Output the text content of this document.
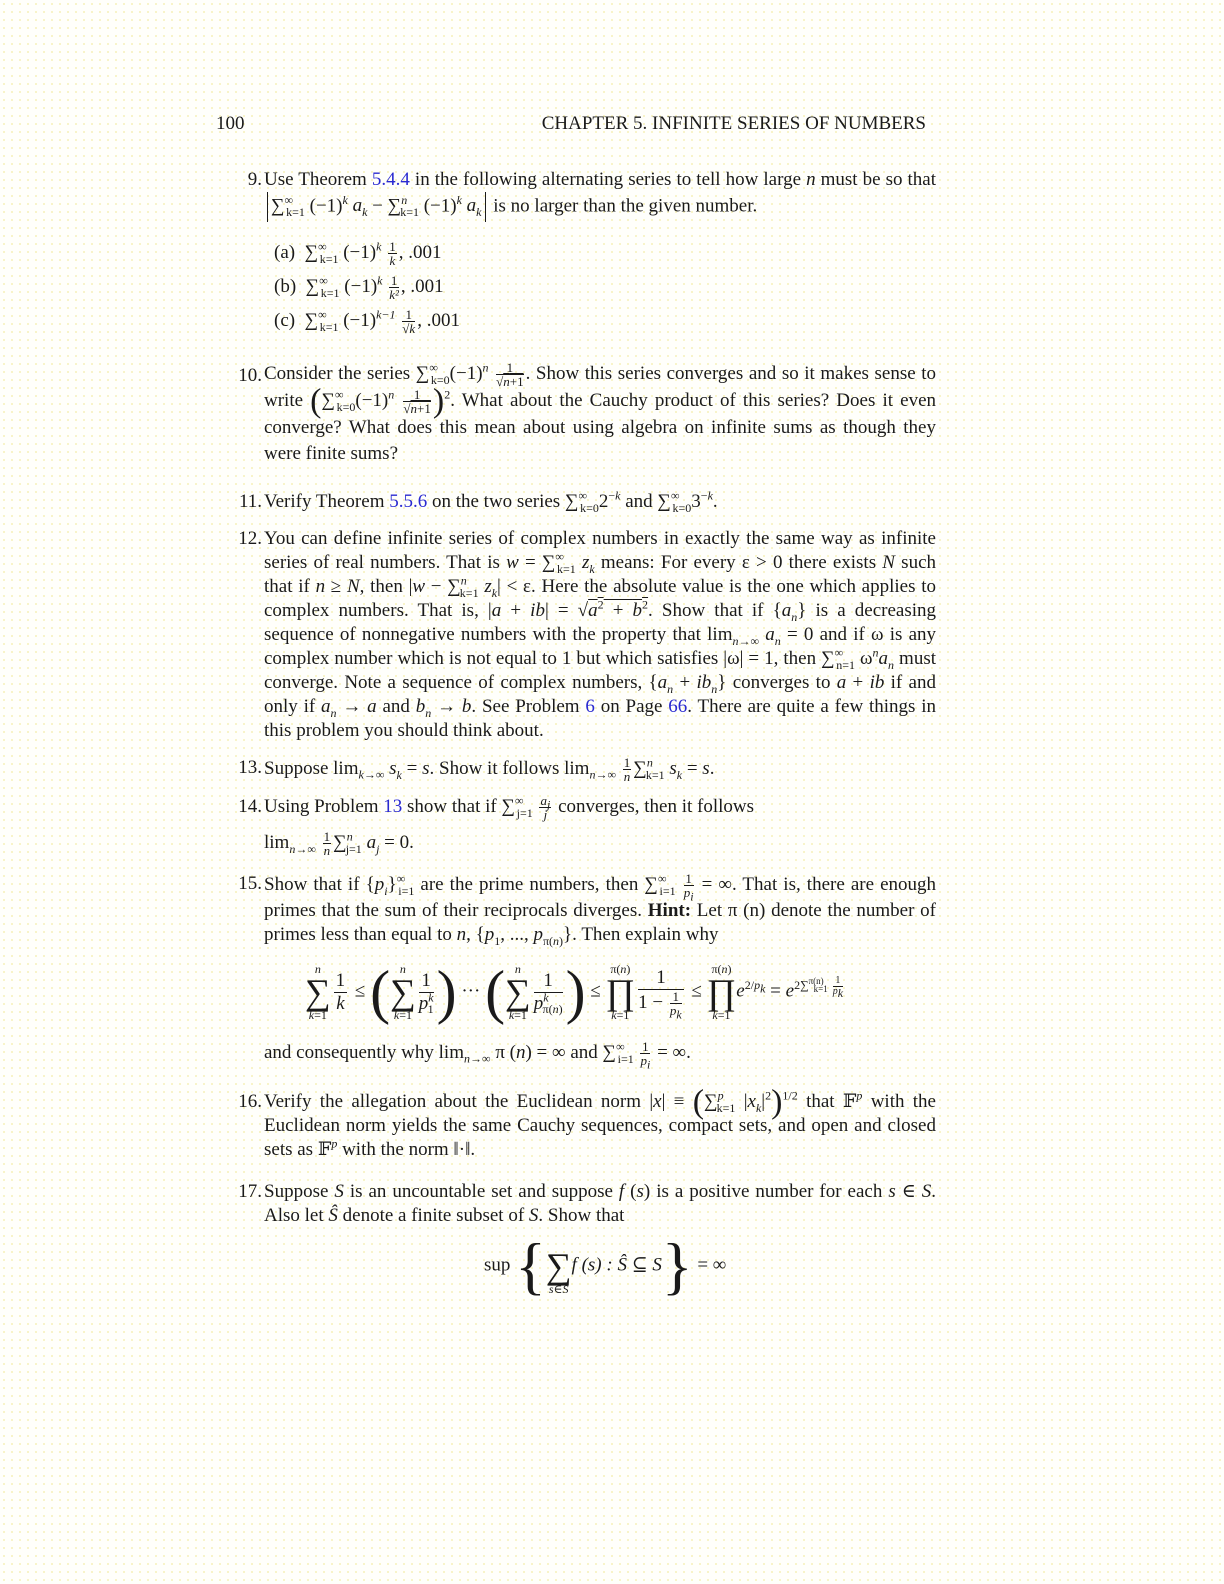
100	CHAPTER 5. INFINITE SERIES OF NUMBERS
9. Use Theorem 5.4.4 in the following alternating series to tell how large n must be so that $\sum^\infty_{k=1}$ $(-1)^k$ $a_k - \sum^n_{k=1}$ $(-1)^k$ $a_k$ is no larger than the given number.
(a)  $\sum^\infty_{k=1}$ $(-1)^k \frac{1}{k}$ , .001
(b)  $\sum^\infty_{k=1}$ $(-1)^k \frac{1}{\text{k²}}$ , .001
(c)  $\sum^\infty_{k=1}$ $(-1)^{k-1} \frac{1}{√k}$ , .001
10. Consider the series $\sum^\infty_{k=0}(-1)^n \frac{1}{√n+1}$ . Show this series converges and so it makes sense to write $(\sum^\infty_{k=0}(-1)^n \frac{1}{√n+1} )^2$. What about the Cauchy product of this series? Does it even converge? What does this mean about using algebra on infinite sums as though they were finite sums?
11. Verify Theorem 5.5.6 on the two series $\sum^\infty_{k=0}2^{-k}$ and $\sum^\infty_{k=0}3^{-k}$.
12. You can define infinite series of complex numbers in exactly the same way as infinite series of real numbers. That is $w = \sum^\infty_{k=1}$ $z_k$ means: For every ε > 0 there exists N such that if n ≥ N, then |w − ∑$^n_{k=1}$ $z_k| < \varepsilon$. Here the absolute value is the one which applies to complex numbers. That is, $|a + ib| = √a^2 + b^2$. Show that if $\{a_n\}$ is a decreasing sequence of nonnegative numbers with the property that $\lim_{n\to\infty} a_n = 0$ and if ω is any complex number which is not equal to 1 but which satisfies |ω| = 1, then $\sum^\infty_{n=1}$ $\omega^na_n$ must converge. Note a sequence of complex numbers, $\{a_n + ib_n\}$ converges to a + ib if and only if $a_n \to a$ and $b_n \to b$. See Problem 6 on Page 66. There are quite a few things in this problem you should think about.
13. Suppose $\lim_{k\to\infty} s_k = s$. Show it follows $\lim_{n\to\infty} \frac{1}{n} \sum^n_{k=1}$ $s_k = s$.
14. Using Problem 13 show that if $\sum^\infty_{j=1} \frac{a_j}{j}$ converges, then it follows
$\lim_{n\to\infty} \frac{1}{n} \sum^n_{j=1}$ $a_j = 0$.
15. Show that if $\{p_i\}^\infty_{i=1}$ are the prime numbers, then $\sum^\infty_{i=1} \frac{1}{p_i}$ = ∞. That is, there are enough primes that the sum of their reciprocals diverges. Hint: Let π (n) denote the number of primes less than equal to n, {$p_1$, ..., $p_{\pi(n)}$}. Then explain why
n
∑
k=1
$\frac{1}{k}$ ≤ ( n
∑
k=1
$\frac{1}{p^k_1}$ ) ··· ( n
∑
k=1
1
$p^k_{\pi(n)}$ ) ≤
π(n)
∏
$k=1 \frac{1}{1 - \frac{1}{p_k}}$ ≤
π(n)
∏
k=1
$e^{2/p_k} = e^{2\sum^{\pi(n)}_{k=1} \frac{1}{p_k}}$
and consequently why $\lim_{n\to\infty} \pi$ (n) = ∞ and $\sum^\infty_{i=1} \frac{1}{p_i}$ = ∞.
16. Verify the allegation about the Euclidean norm |x| ≡ (∑$^p_{k=1}$ $|x_k|^2)^{1/2}$ that 𝔽$^p$ with the Euclidean norm yields the same Cauchy sequences, compact sets, and open and closed sets as 𝔽$^p$ with the norm ‖·‖.
17. Suppose S is an uncountable set and suppose f (s) is a positive number for each s ∈ S. Also let Ŝ denote a finite subset of S. Show that
sup {
∑
s∈Ŝ
f (s) : Ŝ ⊆ S} = ∞
